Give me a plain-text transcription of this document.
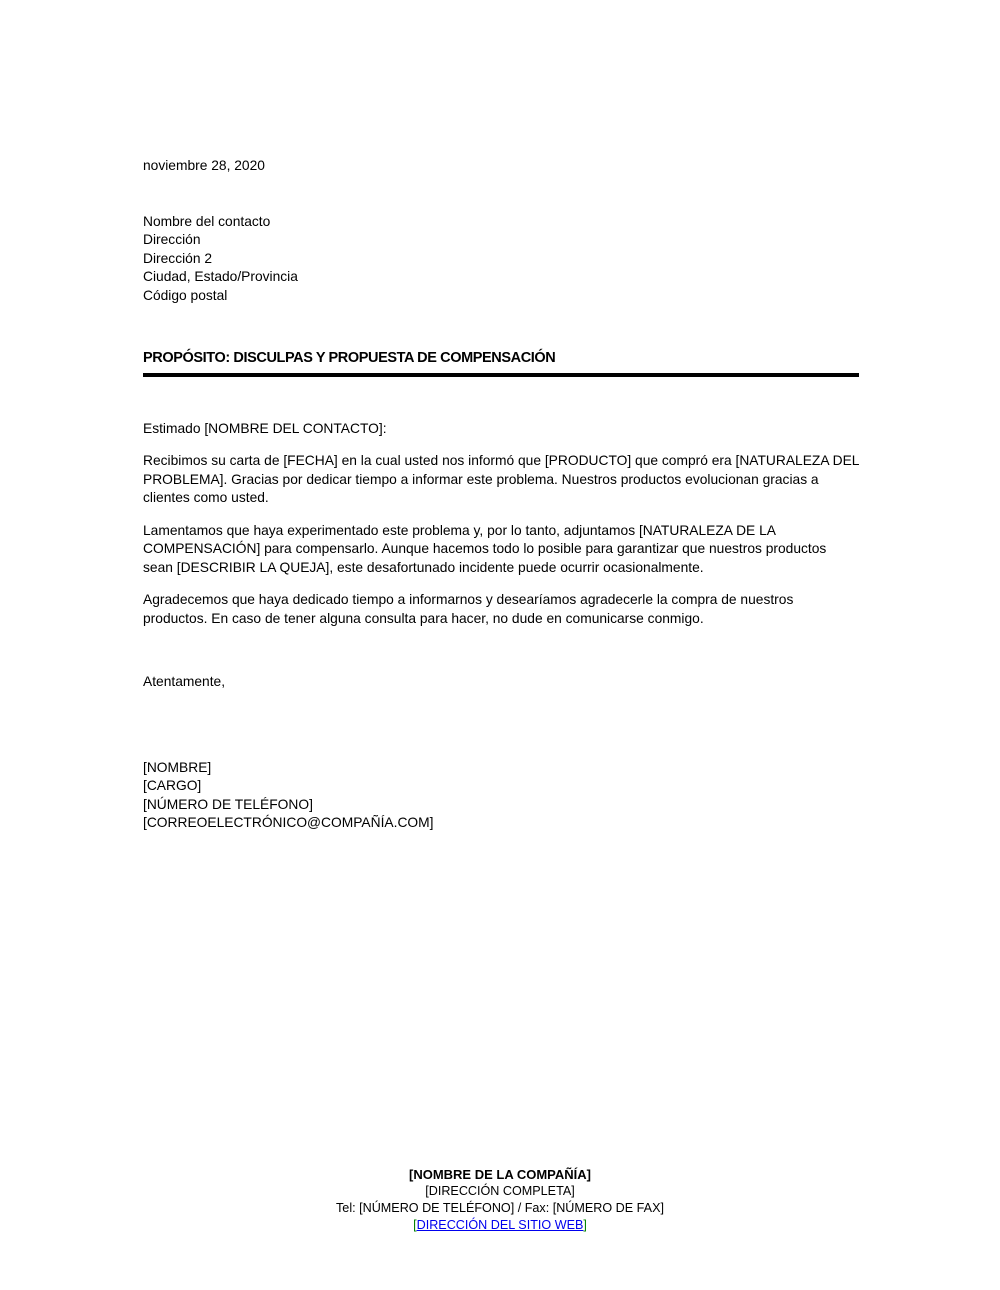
noviembre 28, 2020
Nombre del contacto
Dirección
Dirección 2
Ciudad, Estado/Provincia
Código postal
PROPÓSITO: DISCULPAS Y PROPUESTA DE COMPENSACIÓN
Estimado [NOMBRE DEL CONTACTO]:

Recibimos su carta de [FECHA] en la cual usted nos informó que [PRODUCTO] que compró era [NATURALEZA DEL PROBLEMA]. Gracias por dedicar tiempo a informar este problema. Nuestros productos evolucionan gracias a clientes como usted.

Lamentamos que haya experimentado este problema y, por lo tanto, adjuntamos [NATURALEZA DE LA COMPENSACIÓN] para compensarlo. Aunque hacemos todo lo posible para garantizar que nuestros productos sean [DESCRIBIR LA QUEJA], este desafortunado incidente puede ocurrir ocasionalmente.

Agradecemos que haya dedicado tiempo a informarnos y desearíamos agradecerle la compra de nuestros productos. En caso de tener alguna consulta para hacer, no dude en comunicarse conmigo.

Atentamente,
[NOMBRE]
[CARGO]
[NÚMERO DE TELÉFONO]
[CORREOELECTRÓNICO@COMPAÑÍA.COM]
[NOMBRE DE LA COMPAÑÍA]
[DIRECCIÓN COMPLETA]
Tel: [NÚMERO DE TELÉFONO] / Fax: [NÚMERO DE FAX]
[DIRECCIÓN DEL SITIO WEB]
